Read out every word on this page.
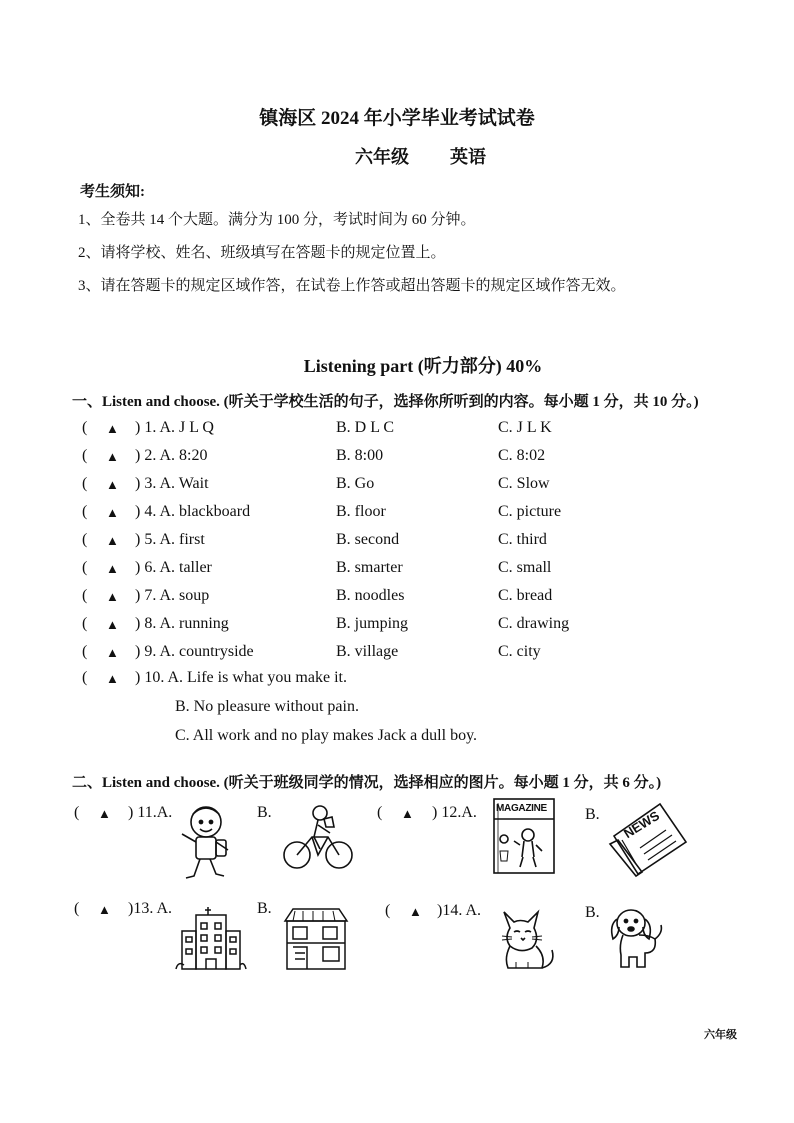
镇海区 2024 年小学毕业考试试卷
六年级 英语
考生须知:
1、全卷共 14 个大题。满分为 100 分，考试时间为 60 分钟。
2、请将学校、姓名、班级填写在答题卡的规定位置上。
3、请在答题卡的规定区域作答，在试卷上作答或超出答题卡的规定区域作答无效。
Listening part (听力部分) 40%
一、Listen and choose. (听关于学校生活的句子，选择你所听到的内容。每小题 1 分，共 10 分。)
( ▲ ) 1. A. J L Q	B. D L C	C. J L K
( ▲ ) 2. A. 8:20	B. 8:00	C. 8:02
( ▲ ) 3. A. Wait	B. Go	C. Slow
( ▲ ) 4. A. blackboard	B. floor	C. picture
( ▲ ) 5. A. first	B. second	C. third
( ▲ ) 6. A. taller	B. smarter	C. small
( ▲ ) 7. A. soup	B. noodles	C. bread
( ▲ ) 8. A. running	B. jumping	C. drawing
( ▲ ) 9. A. countryside	B. village	C. city
( ▲ ) 10. A. Life is what you make it.
B. No pleasure without pain.
C. All work and no play makes Jack a dull boy.
二、Listen and choose. (听关于班级同学的情况，选择相应的图片。每小题 1 分，共 6 分。)
( ▲ ) 11.A.	B.	( ▲ ) 12.A.	B.
MAGAZINE	NEWS
( ▲ )13. A.	B.	( ▲ )14. A.	B.
六年级
